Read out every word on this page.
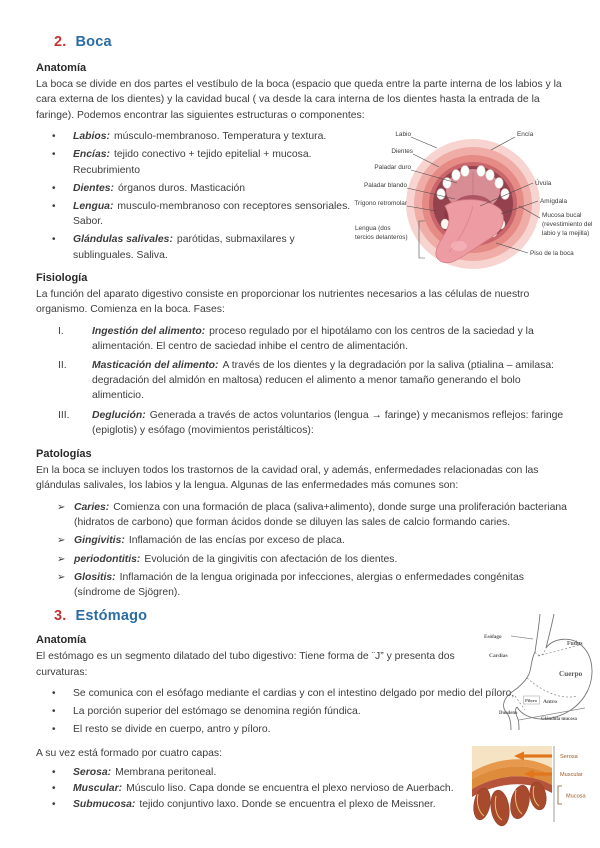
2. Boca
Anatomía

La boca se divide en dos partes el vestíbulo de la boca (espacio que queda entre la parte interna de los labios y la cara externa de los dientes) y la cavidad bucal ( va desde la cara interna de los dientes hasta la entrada de la faringe). Podemos encontrar las siguientes estructuras o componentes:

•	Labios: músculo-membranoso. Temperatura y textura.
•	Encías: tejido conectivo + tejido epitelial + mucosa. Recubrimiento
•	Dientes: órganos duros. Masticación
•	Lengua: musculo-membranoso con receptores sensoriales. Sabor.
•	Glándulas salivales: parótidas, submaxilares y sublinguales. Saliva.
Fisiología

La función del aparato digestivo consiste en proporcionar los nutrientes necesarios a las células de nuestro organismo. Comienza en la boca. Fases:

I.	Ingestión del alimento: proceso regulado por el hipotálamo con los centros de la saciedad y la alimentación. El centro de saciedad inhibe el centro de alimentación.
II.	Masticación del alimento: A través de los dientes y la degradación por la saliva (ptialina – amilasa: degradación del almidón en maltosa) reducen el alimento a menor tamaño generando el bolo alimenticio.
III.	Deglución: Generada a través de actos voluntarios (lengua → faringe) y mecanismos reflejos: faringe (epiglotis) y esófago (movimientos peristálticos):
Patologías

En la boca se incluyen todos los trastornos de la cavidad oral, y además, enfermedades relacionadas con las glándulas salivales, los labios y la lengua. Algunas de las enfermedades más comunes son:

➢ Caries: Comienza con una formación de placa (saliva+alimento), donde surge una proliferación bacteriana (hidratos de carbono) que forman ácidos donde se diluyen las sales de calcio formando caries.
➢ Gingivitis: Inflamación de las encías por exceso de placa.
➢ periodontitis: Evolución de la gingivitis con afectación de los dientes.
➢ Glositis: Inflamación de la lengua originada por infecciones, alergias o enfermedades congénitas (síndrome de Sjögren).
3. Estómago
Anatomía

El estómago es un segmento dilatado del tubo digestivo: Tiene forma de ¨J” y presenta dos curvaturas:

•	Se comunica con el esófago mediante el cardias y con el intestino delgado por medio del píloro,
•	La porción superior del estómago se denomina región fúndica.
•	El resto se divide en cuerpo, antro y píloro.

A su vez está formado por cuatro capas:

•	Serosa: Membrana peritoneal.
•	Muscular: Músculo liso. Capa donde se encuentra el plexo nervioso de Auerbach.
•	Submucosa: tejido conjuntivo laxo. Donde se encuentra el plexo de Meissner.
Labio
Dientes
Paladar duro
Paladar blando
Trígono retromolar
Lengua (dos
tercios delanteros)
Encía
Úvula
Amígdala
Mucosa bucal
(revestimiento del
labio y la mejilla)
Piso de la boca
Esófago
Cardias
Fudus
Cuerpo
Píloro Antro
Duodeno
Glándula mucosa
Serosa
Muscular
Mucosa
